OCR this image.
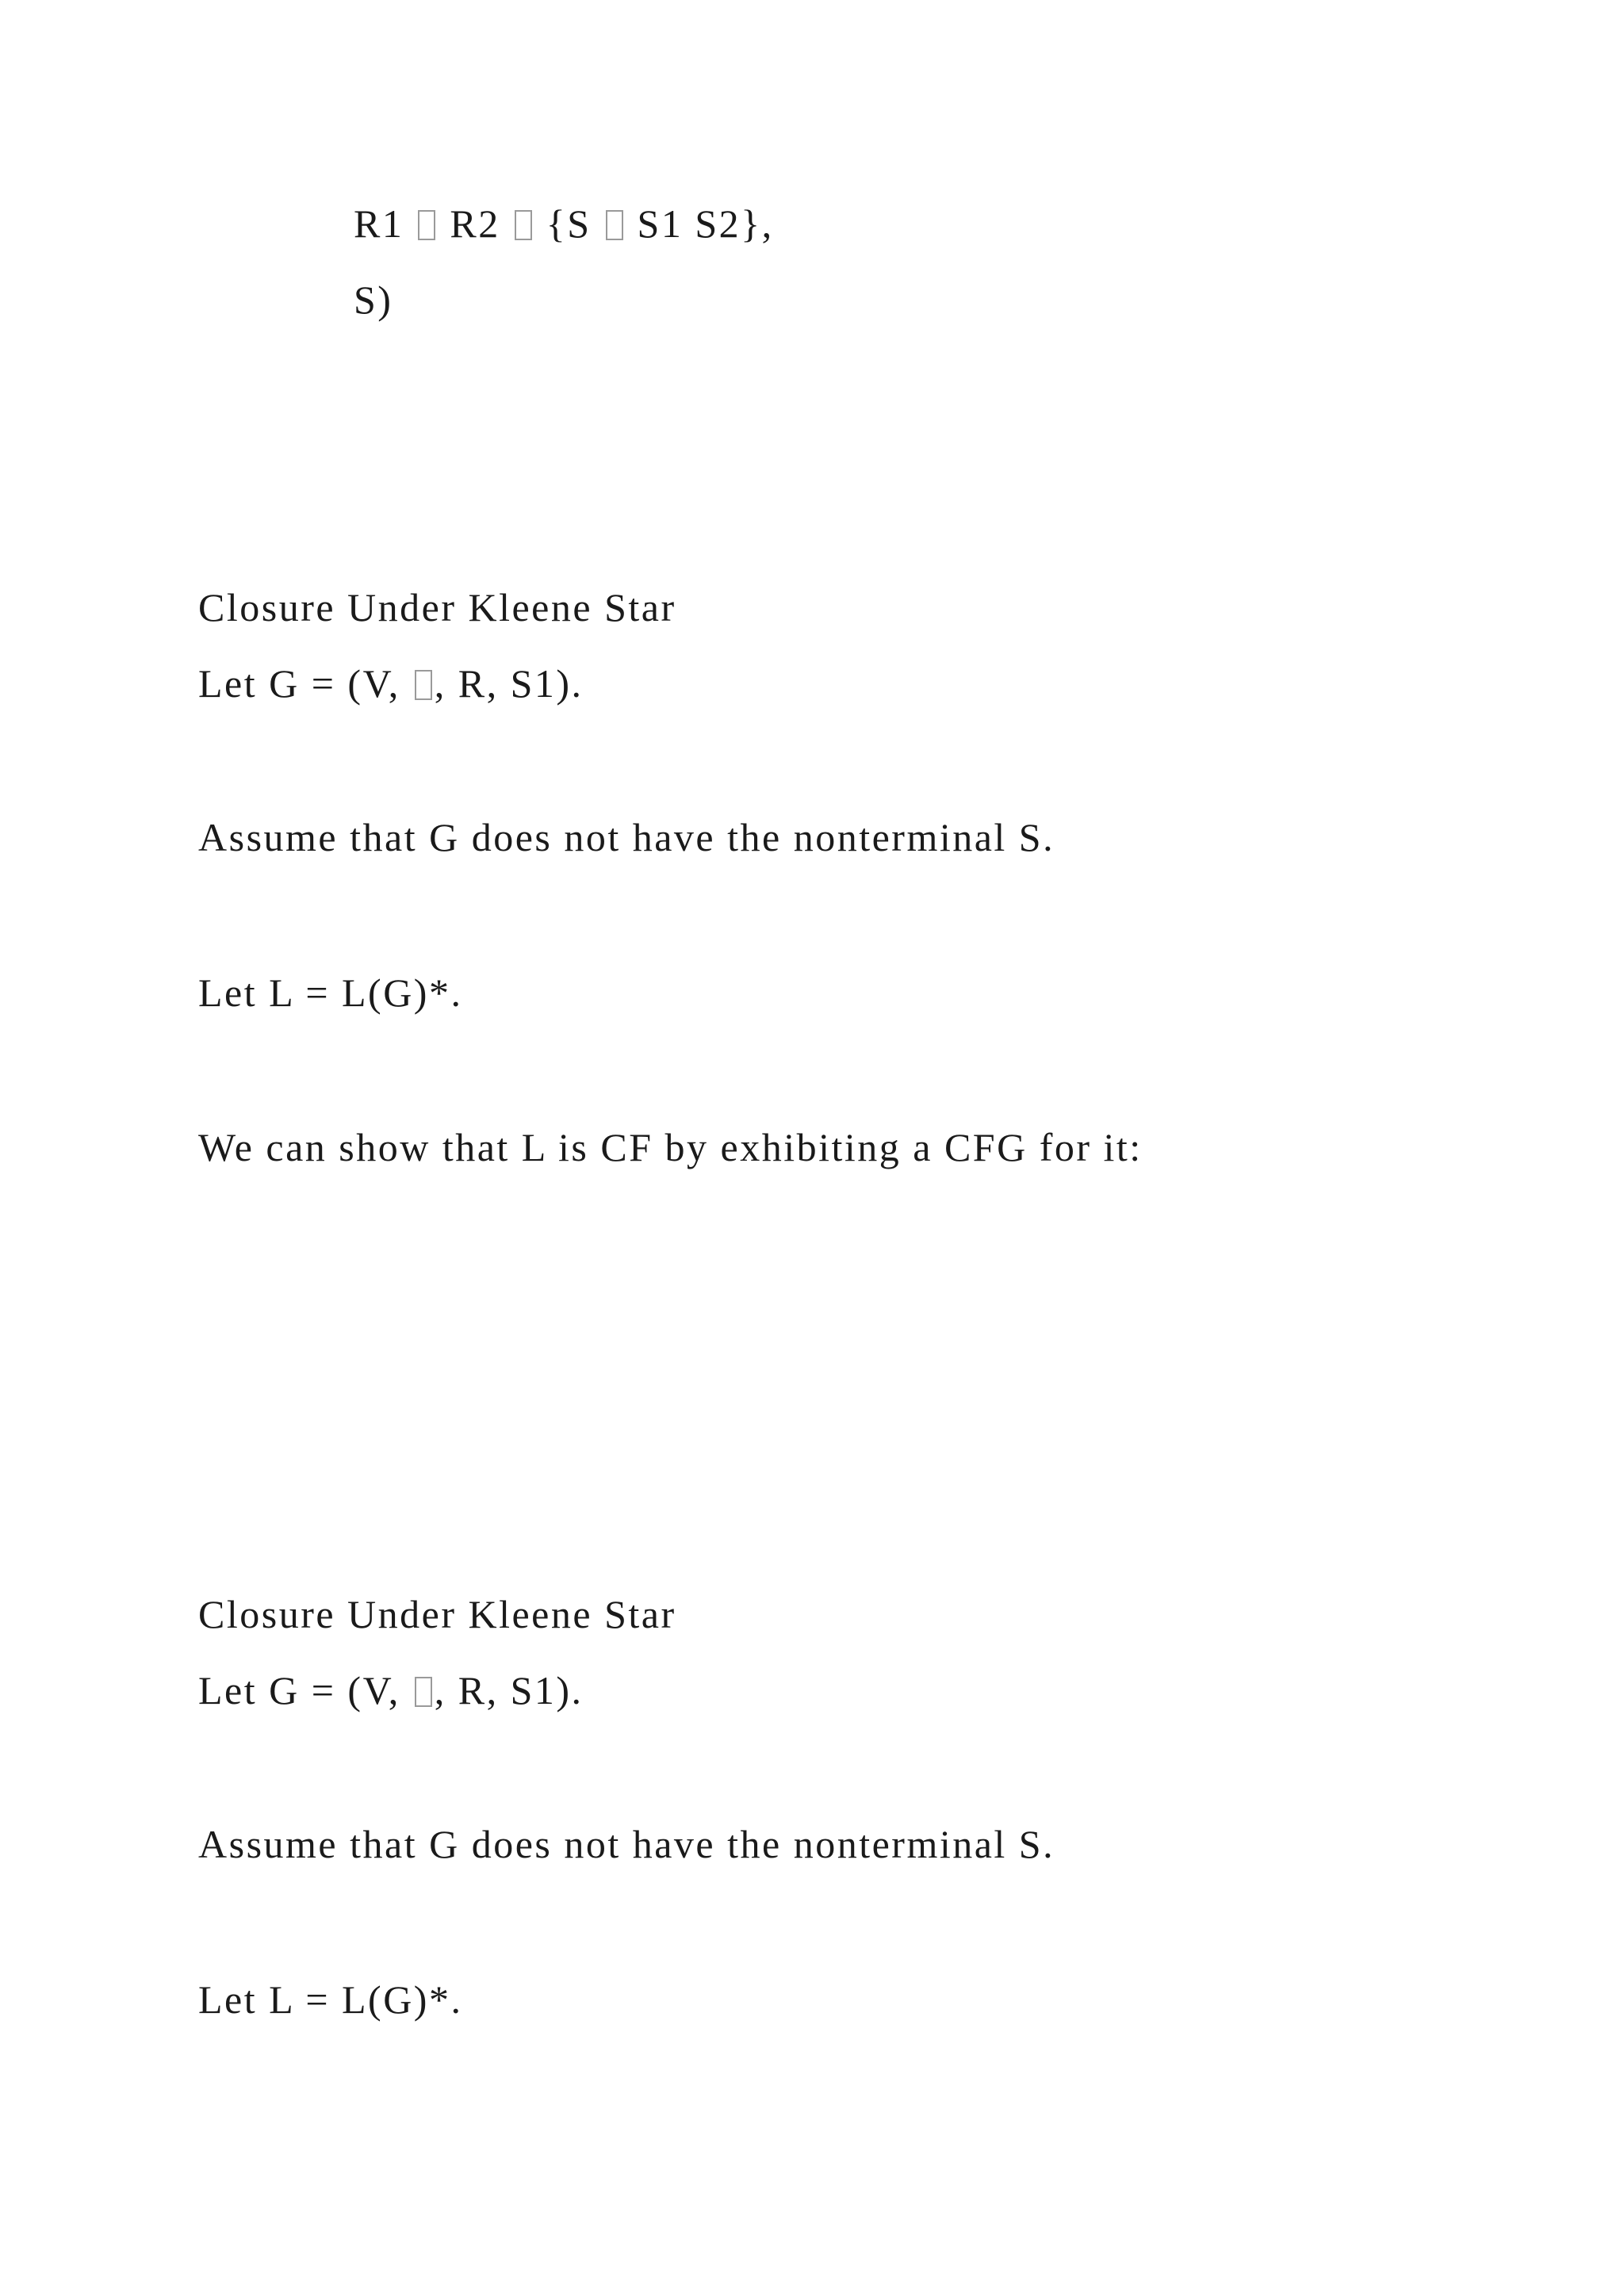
R1 R2 {S S1 S2},
S)
Closure Under Kleene Star
Let G = (V, , R, S1).
Assume that G does not have the nonterminal S.
Let L = L(G)*.
We can show that L is CF by exhibiting a CFG for it:
Closure Under Kleene Star
Let G = (V, , R, S1).
Assume that G does not have the nonterminal S.
Let L = L(G)*.
